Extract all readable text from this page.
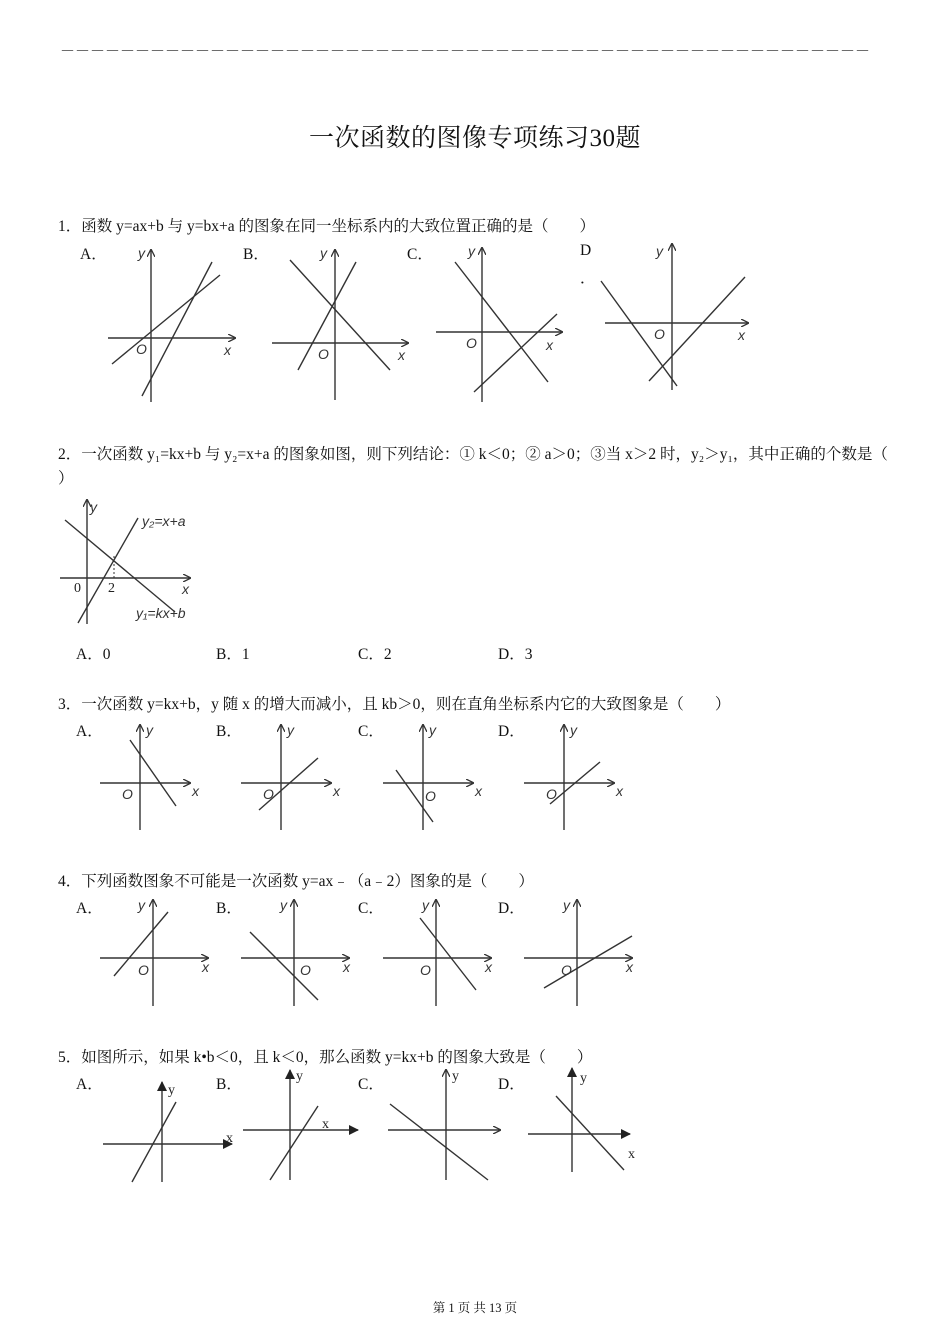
－－－－－－－－－－－－－－－－－－－－－－－－－－－－－－－－－－－－－－－－－－－－－－－－－－－－－－
一次函数的图像专项练习30题
1．函数 y=ax+b 与 y=bx+a 的图象在同一坐标系内的大致位置正确的是（　　）
A．	B．	C．	D
．
O	x
y
O	x
y
O	x
y
O	x
y
0 2	x
y
y₂=x+a
y₁=kx+b
O	x
y
O	x
y
O	x
y
O	x
y
O	x
y
O x
y
O	x
y
O	x
y
y
x
y
x
y	y
x
2．一次函数 y₁=kx+b 与 y₂=x+a 的图象如图，则下列结论：① k＜0；② a＞0；③当 x＞2 时，y₂＞y₁，其中正确的个数是（
）
A．0	B．1	C．2	D．3
3．一次函数 y=kx+b，y 随 x 的增大而减小，且 kb＞0，则在直角坐标系内它的大致图象是（　　）
A．	B．	C．	D．
4．下列函数图象不可能是一次函数 y=ax﹣（a﹣2）图象的是（　　）
A．	B．	C．	D．
5．如图所示，如果 k•b＜0，且 k＜0，那么函数 y=kx+b 的图象大致是（　　）
A．	B．	C．	D．
第 1 页 共 13 页
